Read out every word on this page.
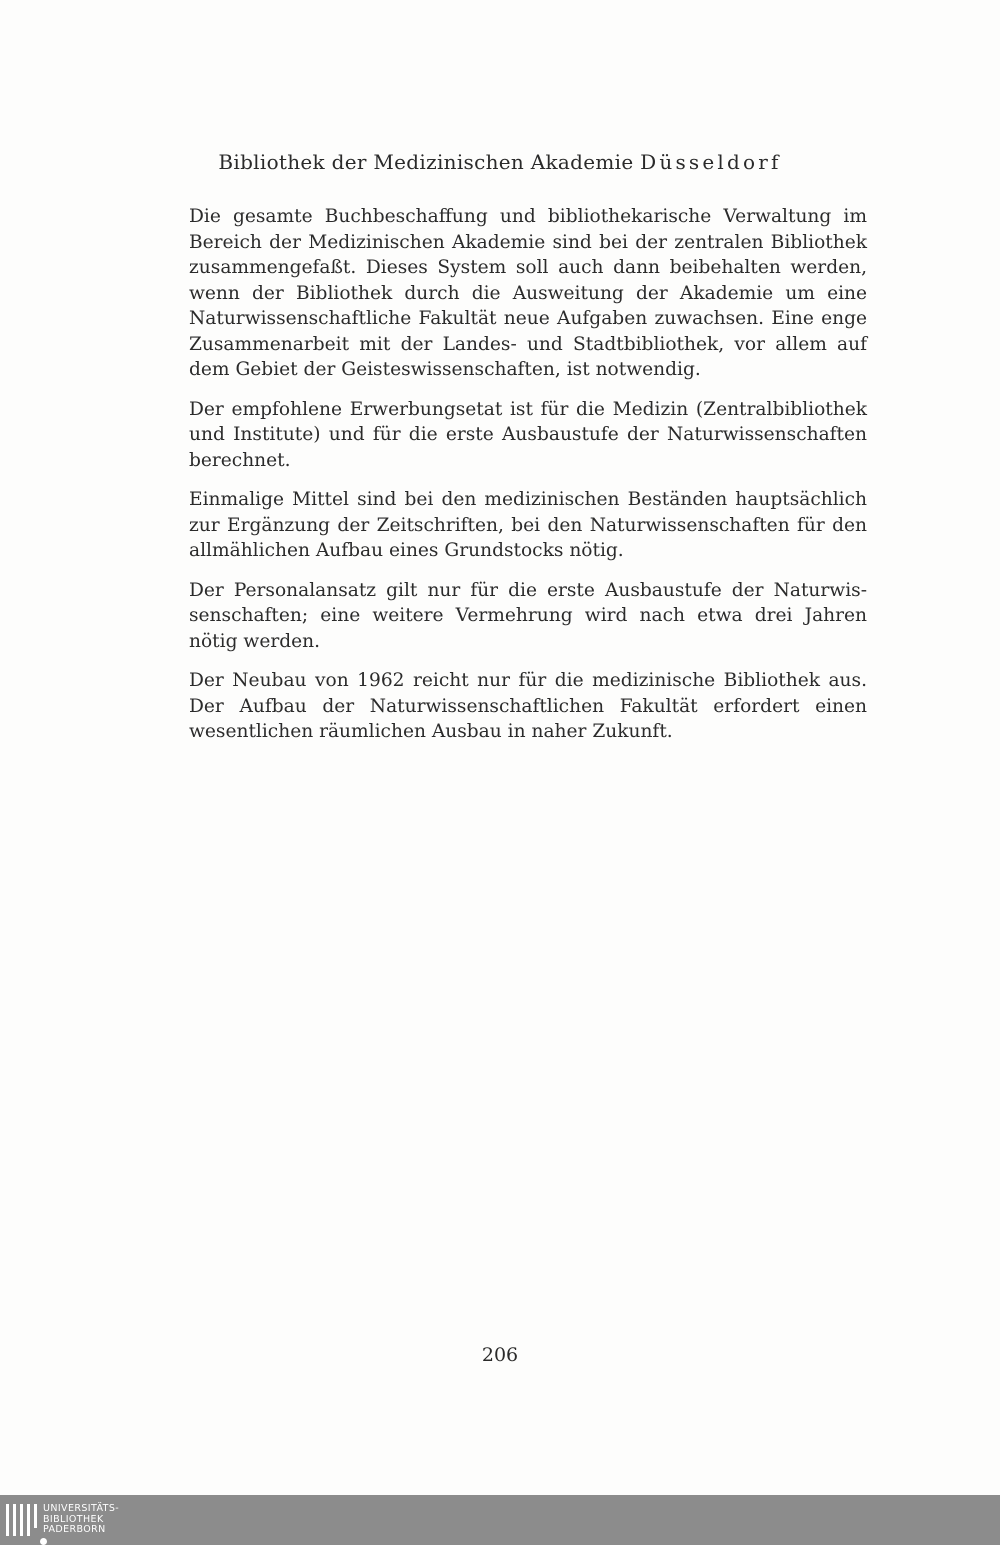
Bibliothek der Medizinischen Akademie Düsseldorf

Die gesamte Buchbeschaffung und bibliothekarische Verwaltung im Bereich der Medizinischen Akademie sind bei der zentralen Bibliothek zusammengefaßt. Dieses System soll auch dann beibehalten werden, wenn der Bibliothek durch die Ausweitung der Akademie um eine Naturwissenschaftliche Fakultät neue Aufgaben zuwachsen. Eine enge Zusammenarbeit mit der Landes- und Stadtbibliothek, vor allem auf dem Gebiet der Geisteswissenschaften, ist notwendig.

Der empfohlene Erwerbungsetat ist für die Medizin (Zentralbibliothek und Institute) und für die erste Ausbaustufe der Naturwissenschaften berechnet.

Einmalige Mittel sind bei den medizinischen Beständen hauptsächlich zur Ergänzung der Zeitschriften, bei den Naturwissenschaften für den allmählichen Aufbau eines Grundstocks nötig.

Der Personalansatz gilt nur für die erste Ausbaustufe der Naturwissenschaften; eine weitere Vermehrung wird nach etwa drei Jahren nötig werden.

Der Neubau von 1962 reicht nur für die medizinische Bibliothek aus. Der Aufbau der Naturwissenschaftlichen Fakultät erfordert einen wesentlichen räumlichen Ausbau in naher Zukunft.

206
UNIVERSITÄTS-
BIBLIOTHEK
PADERBORN
